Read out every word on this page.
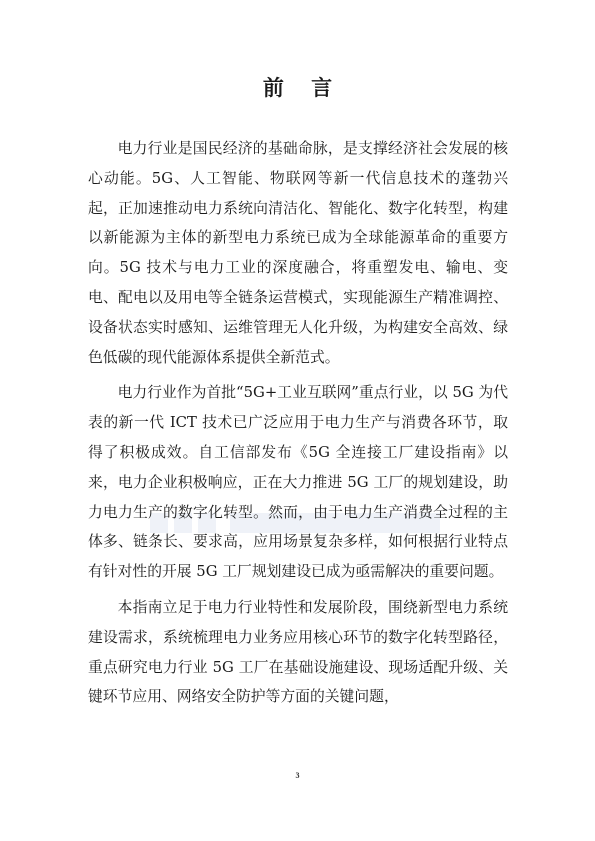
前 言

电力行业是国民经济的基础命脉，是支撑经济社会发展的核心动能。5G、人工智能、物联网等新一代信息技术的蓬勃兴起，正加速推动电力系统向清洁化、智能化、数字化转型，构建以新能源为主体的新型电力系统已成为全球能源革命的重要方向。5G 技术与电力工业的深度融合，将重塑发电、输电、变电、配电以及用电等全链条运营模式，实现能源生产精准调控、设备状态实时感知、运维管理无人化升级，为构建安全高效、绿色低碳的现代能源体系提供全新范式。

电力行业作为首批“5G+工业互联网”重点行业，以 5G 为代表的新一代 ICT 技术已广泛应用于电力生产与消费各环节，取得了积极成效。自工信部发布《5G 全连接工厂建设指南》以来，电力企业积极响应，正在大力推进 5G 工厂的规划建设，助力电力生产的数字化转型。然而，由于电力生产消费全过程的主体多、链条长、要求高，应用场景复杂多样，如何根据行业特点有针对性的开展 5G 工厂规划建设已成为亟需解决的重要问题。

本指南立足于电力行业特性和发展阶段，围绕新型电力系统建设需求，系统梳理电力业务应用核心环节的数字化转型路径，重点研究电力行业 5G 工厂在基础设施建设、现场适配升级、关键环节应用、网络安全防护等方面的关键问题，

3
